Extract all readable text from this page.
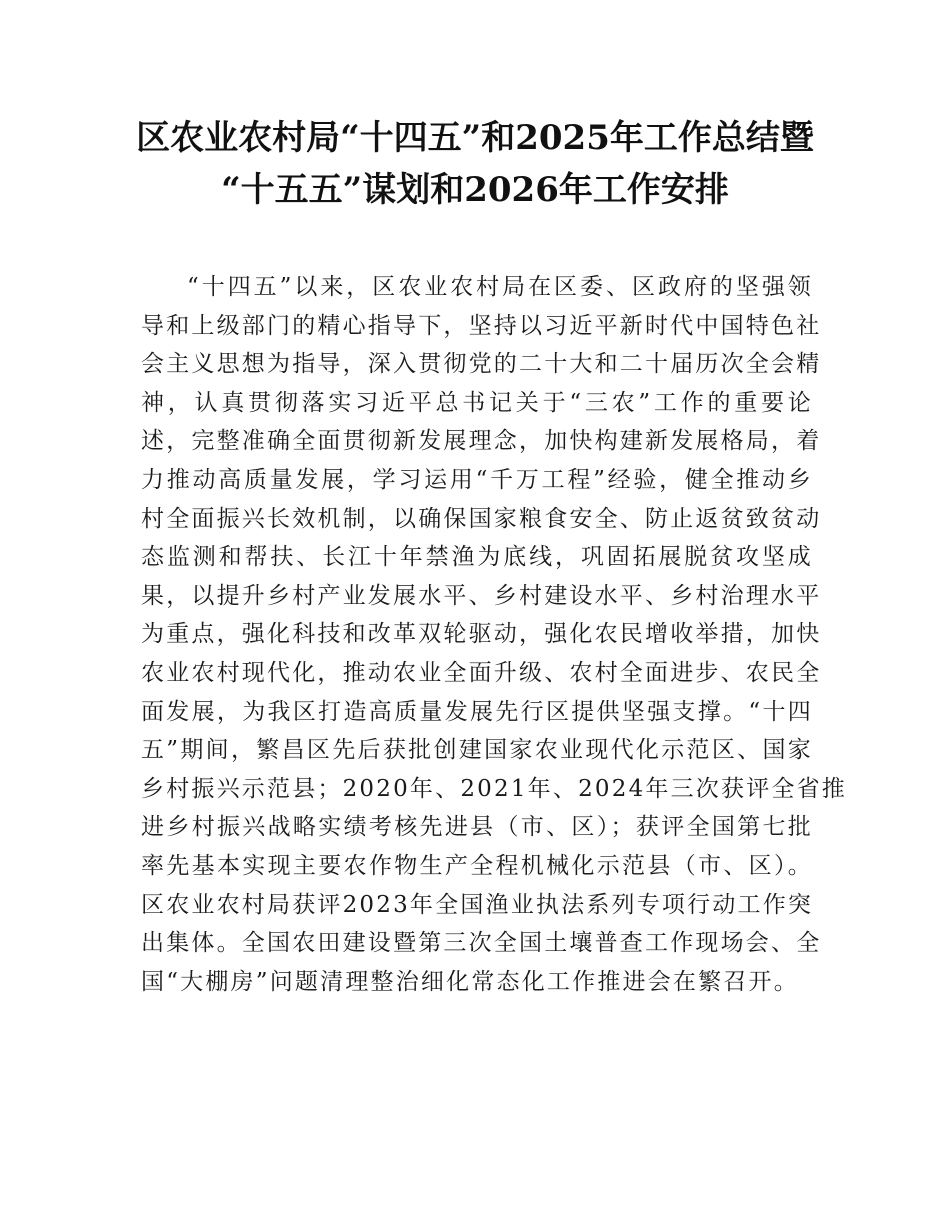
区农业农村局“十四五”和2025年工作总结暨
“十五五”谋划和2026年工作安排
“十四五”以来，区农业农村局在区委、区政府的坚强领
导和上级部门的精心指导下，坚持以习近平新时代中国特色社
会主义思想为指导，深入贯彻党的二十大和二十届历次全会精
神，认真贯彻落实习近平总书记关于“三农”工作的重要论
述，完整准确全面贯彻新发展理念，加快构建新发展格局，着
力推动高质量发展，学习运用“千万工程”经验，健全推动乡
村全面振兴长效机制，以确保国家粮食安全、防止返贫致贫动
态监测和帮扶、长江十年禁渔为底线，巩固拓展脱贫攻坚成
果，以提升乡村产业发展水平、乡村建设水平、乡村治理水平
为重点，强化科技和改革双轮驱动，强化农民增收举措，加快
农业农村现代化，推动农业全面升级、农村全面进步、农民全
面发展，为我区打造高质量发展先行区提供坚强支撑。“十四
五”期间，繁昌区先后获批创建国家农业现代化示范区、国家
乡村振兴示范县；2020年、2021年、2024年三次获评全省推
进乡村振兴战略实绩考核先进县（市、区）；获评全国第七批
率先基本实现主要农作物生产全程机械化示范县（市、区）。
区农业农村局获评2023年全国渔业执法系列专项行动工作突
出集体。全国农田建设暨第三次全国土壤普查工作现场会、全
国“大棚房”问题清理整治细化常态化工作推进会在繁召开。
